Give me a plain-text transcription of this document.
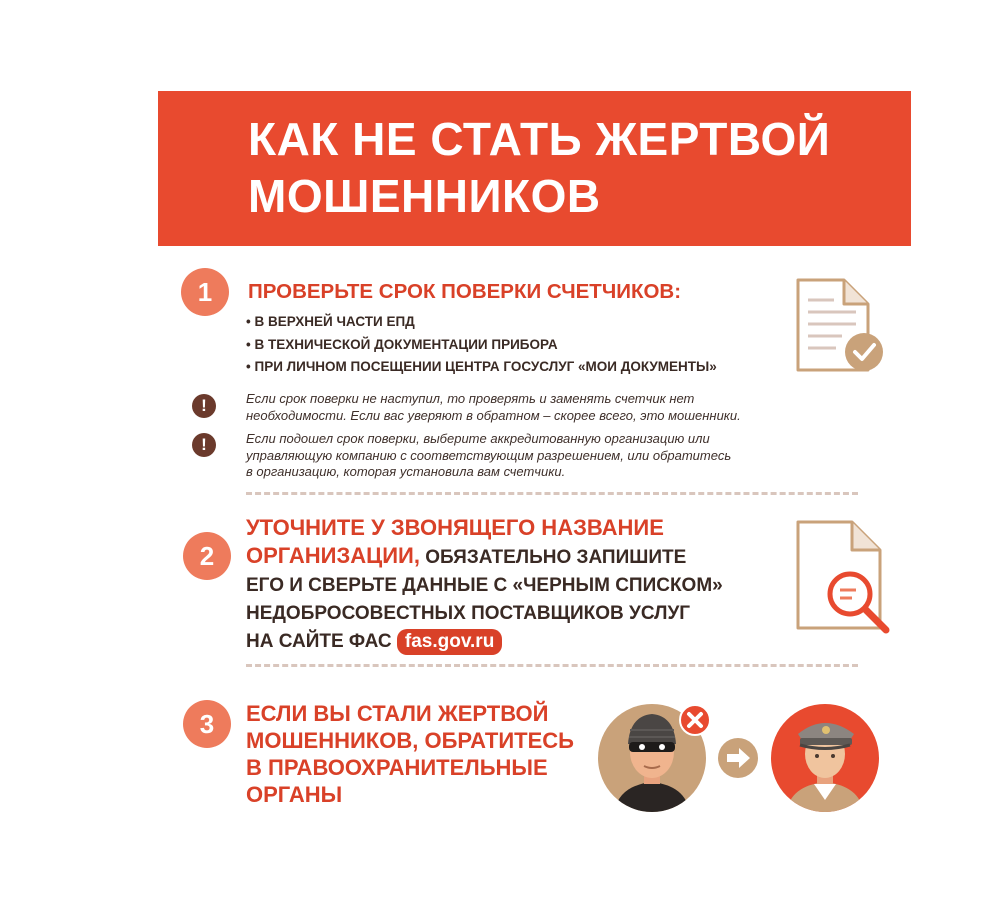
КАК НЕ СТАТЬ ЖЕРТВОЙ
МОШЕННИКОВ
1	ПРОВЕРЬТЕ СРОК ПОВЕРКИ СЧЕТЧИКОВ:
• В ВЕРХНЕЙ ЧАСТИ ЕПД
• В ТЕХНИЧЕСКОЙ ДОКУМЕНТАЦИИ ПРИБОРА
• ПРИ ЛИЧНОМ ПОСЕЩЕНИИ ЦЕНТРА ГОСУСЛУГ «МОИ ДОКУМЕНТЫ»
!	Если срок поверки не наступил, то проверять и заменять счетчик нет
необходимости. Если вас уверяют в обратном – скорее всего, это мошенники.
!	Если подошел срок поверки, выберите аккредитованную организацию или
управляющую компанию с соответствующим разрешением, или обратитесь
в организацию, которая установила вам счетчики.
2
УТОЧНИТЕ У ЗВОНЯЩЕГО НАЗВАНИЕ
ОРГАНИЗАЦИИ, ОБЯЗАТЕЛЬНО ЗАПИШИТЕ
ЕГО И СВЕРЬТЕ ДАННЫЕ С «ЧЕРНЫМ СПИСКОМ»
НЕДОБРОСОВЕСТНЫХ ПОСТАВЩИКОВ УСЛУГ
НА САЙТЕ ФАС fas.gov.ru
3	ЕСЛИ ВЫ СТАЛИ ЖЕРТВОЙ
МОШЕННИКОВ, ОБРАТИТЕСЬ
В ПРАВООХРАНИТЕЛЬНЫЕ
ОРГАНЫ
